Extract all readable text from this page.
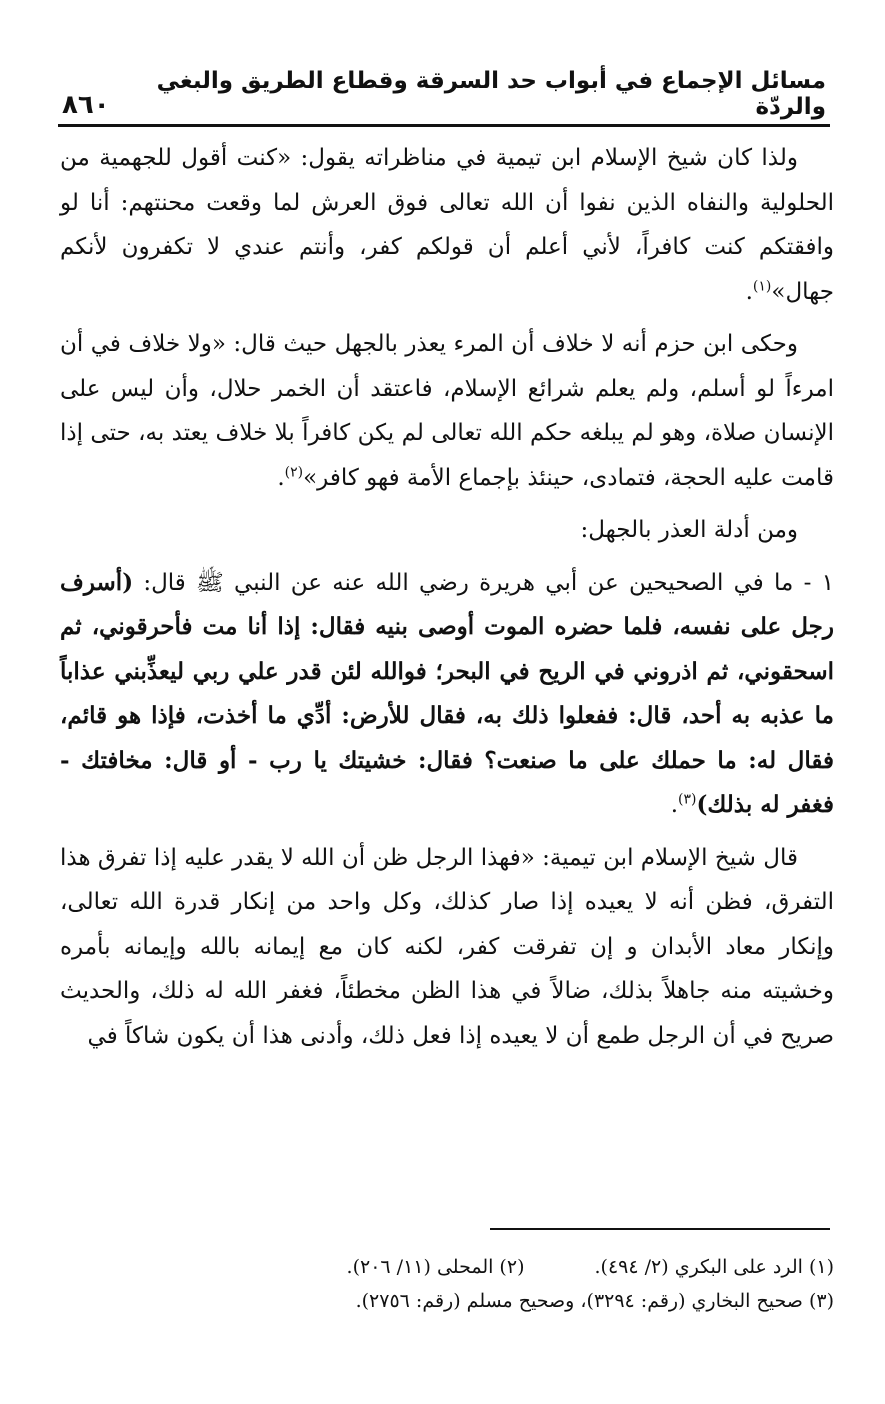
مسائل الإجماع في أبواب حد السرقة وقطاع الطريق والبغي والردّة
٨٦٠

ولذا كان شيخ الإسلام ابن تيمية في مناظراته يقول: «كنت أقول للجهمية من الحلولية والنفاه الذين نفوا أن الله تعالى فوق العرش لما وقعت محنتهم: أنا لو وافقتكم كنت كافراً، لأني أعلم أن قولكم كفر، وأنتم عندي لا تكفرون لأنكم جهال»$^{(١)}$.

وحكى ابن حزم أنه لا خلاف أن المرء يعذر بالجهل حيث قال: «ولا خلاف في أن امرءاً لو أسلم، ولم يعلم شرائع الإسلام، فاعتقد أن الخمر حلال، وأن ليس على الإنسان صلاة، وهو لم يبلغه حكم الله تعالى لم يكن كافراً بلا خلاف يعتد به، حتى إذا قامت عليه الحجة، فتمادى، حينئذ بإجماع الأمة فهو كافر»$^{(٢)}$.

ومن أدلة العذر بالجهل:

١ - ما في الصحيحين عن أبي هريرة رضي الله عنه عن النبي ﷺ قال: (أسرف رجل على نفسه، فلما حضره الموت أوصى بنيه فقال: إذا أنا مت فأحرقوني، ثم اسحقوني، ثم اذروني في الريح في البحر؛ فوالله لئن قدر علي ربي ليعذِّبني عذاباً ما عذبه به أحد، قال: ففعلوا ذلك به، فقال للأرض: أدِّي ما أخذت، فإذا هو قائم، فقال له: ما حملك على ما صنعت؟ فقال: خشيتك يا رب - أو قال: مخافتك - فغفر له بذلك)$^{(٣)}$.

قال شيخ الإسلام ابن تيمية: «فهذا الرجل ظن أن الله لا يقدر عليه إذا تفرق هذا التفرق، فظن أنه لا يعيده إذا صار كذلك، وكل واحد من إنكار قدرة الله تعالى، وإنكار معاد الأبدان و إن تفرقت كفر، لكنه كان مع إيمانه بالله وإيمانه بأمره وخشيته منه جاهلاً بذلك، ضالاً في هذا الظن مخطئاً، فغفر الله له ذلك، والحديث صريح في أن الرجل طمع أن لا يعيده إذا فعل ذلك، وأدنى هذا أن يكون شاكاً في

(١) الرد على البكري (٢/ ٤٩٤).
(٢) المحلى (١١/ ٢٠٦).
(٣) صحيح البخاري (رقم: ٣٢٩٤)، وصحيح مسلم (رقم: ٢٧٥٦).
